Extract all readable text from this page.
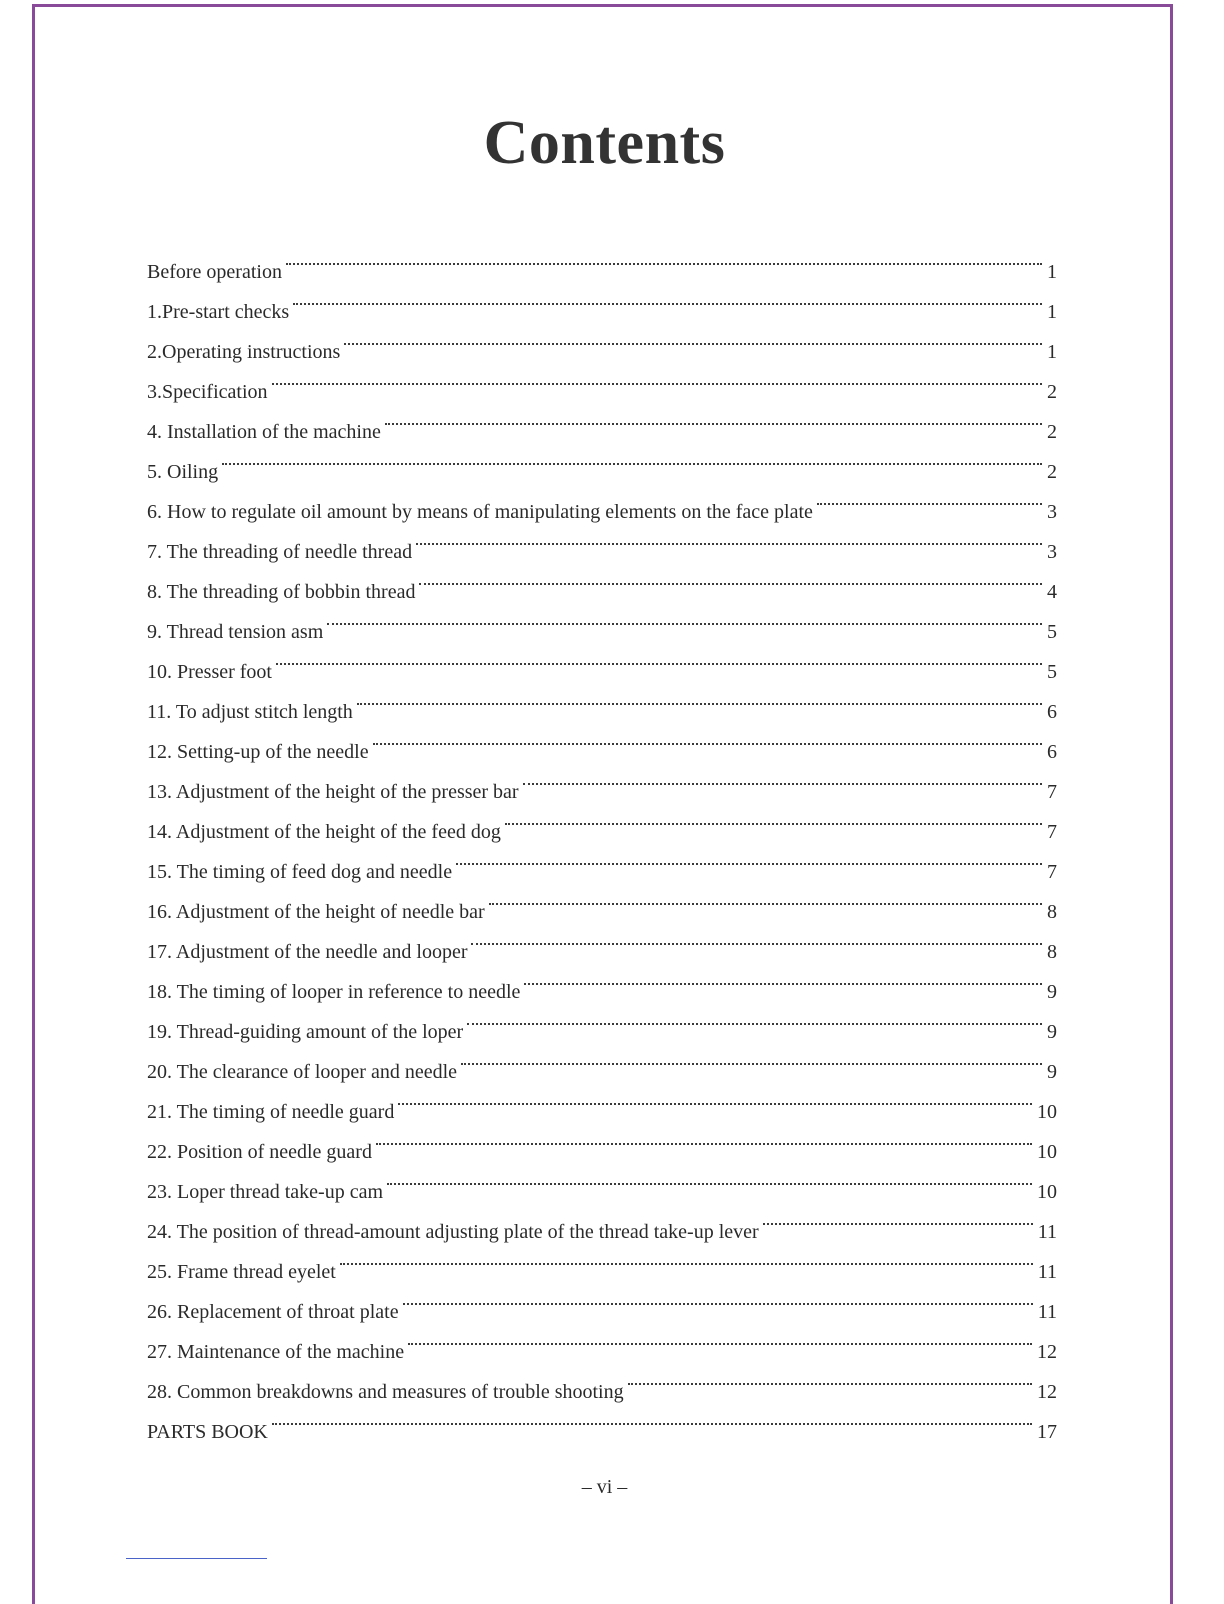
Contents
Before operation	1
1.Pre-start checks	1
2.Operating instructions	1
3.Specification	2
4. Installation of the machine	2
5. Oiling	2
6. How to regulate oil amount by means of manipulating elements on the face plate	3
7. The threading of needle thread	3
8. The threading of bobbin thread	4
9. Thread tension asm	5
10. Presser foot	5
11. To adjust stitch length	6
12. Setting-up of the needle	6
13. Adjustment of the height of the presser bar	7
14. Adjustment of the height of the feed dog	7
15. The timing of feed dog and needle	7
16. Adjustment of the height of needle bar	8
17. Adjustment of the needle and looper	8
18. The timing of looper in reference to needle	9
19. Thread-guiding amount of the loper	9
20. The clearance of looper and needle	9
21. The timing of needle guard	10
22. Position of needle guard	10
23. Loper thread take-up cam	10
24. The position of thread-amount adjusting plate of the thread take-up lever	11
25. Frame thread eyelet	11
26. Replacement of throat plate	11
27. Maintenance of the machine	12
28. Common breakdowns and measures of trouble shooting	12
PARTS BOOK	17
– vi –
